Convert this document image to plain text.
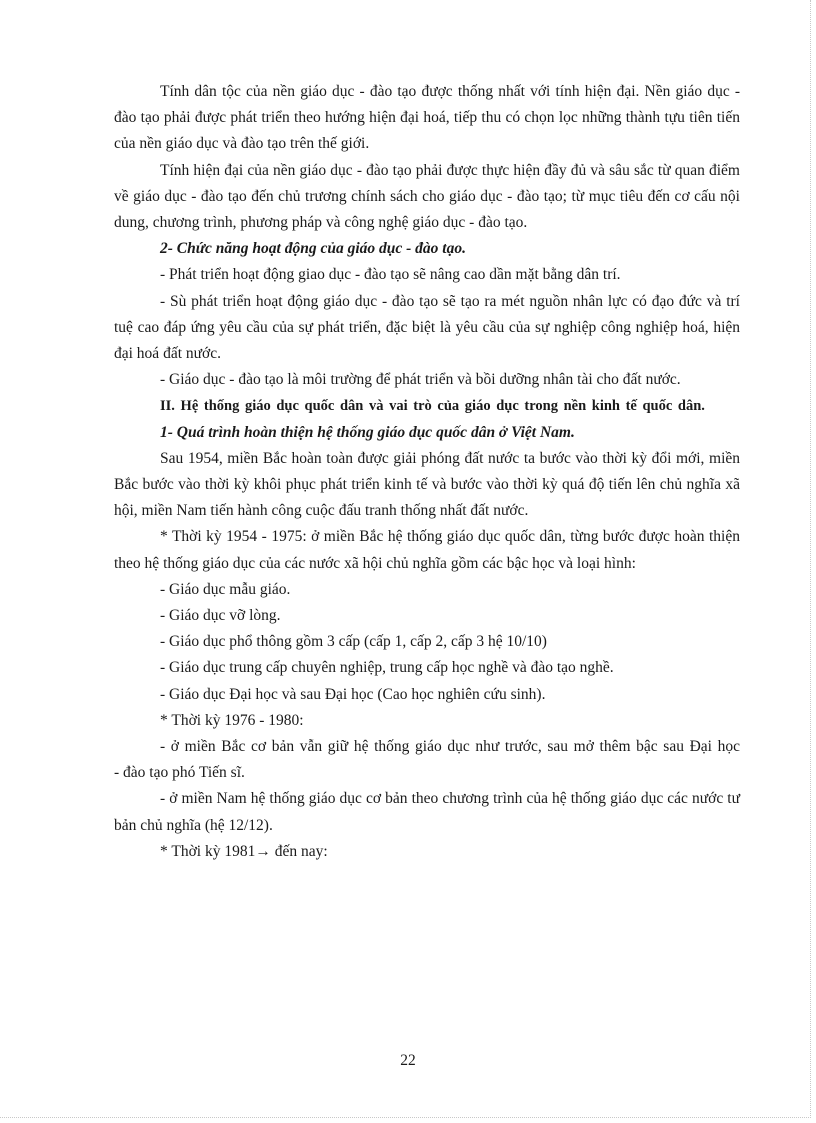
Tính dân tộc của nền giáo dục - đào tạo được thống nhất với tính hiện đại. Nền giáo dục - đào tạo phải được phát triển theo hướng hiện đại hoá, tiếp thu có chọn lọc những thành tựu tiên tiến của nền giáo dục và đào tạo trên thế giới.

Tính hiện đại của nền giáo dục - đào tạo phải được thực hiện đầy đủ và sâu sắc từ quan điểm về giáo dục - đào tạo đến chủ trương chính sách cho giáo dục - đào tạo; từ mục tiêu đến cơ cấu nội dung, chương trình, phương pháp và công nghệ giáo dục - đào tạo.

2- Chức năng hoạt động của giáo dục - đào tạo.

- Phát triển hoạt động giao dục - đào tạo sẽ nâng cao dần mặt bằng dân trí.

- Sù phát triển hoạt động giáo dục - đào tạo sẽ tạo ra mét nguồn nhân lực có đạo đức và trí tuệ cao đáp ứng yêu cầu của sự phát triển, đặc biệt là yêu cầu của sự nghiệp công nghiệp hoá, hiện đại hoá đất nước.

- Giáo dục - đào tạo là môi trường để phát triển và bồi dưỡng nhân tài cho đất nước.

II. Hệ thống giáo dục quốc dân và vai trò của giáo dục trong nền kinh tế quốc dân.

1- Quá trình hoàn thiện hệ thống giáo dục quốc dân ở Việt Nam.

Sau 1954, miền Bắc hoàn toàn được giải phóng đất nước ta bước vào thời kỳ đổi mới, miền Bắc bước vào thời kỳ khôi phục phát triển kinh tế và bước vào thời kỳ quá độ tiến lên chủ nghĩa xã hội, miền Nam tiến hành công cuộc đấu tranh thống nhất đất nước.

* Thời kỳ 1954 - 1975: ở miền Bắc hệ thống giáo dục quốc dân, từng bước được hoàn thiện theo hệ thống giáo dục của các nước xã hội chủ nghĩa gồm các bậc học và loại hình:

- Giáo dục mẫu giáo.

- Giáo dục vỡ lòng.

- Giáo dục phổ thông gồm 3 cấp (cấp 1, cấp 2, cấp 3 hệ 10/10)

- Giáo dục trung cấp chuyên nghiệp, trung cấp học nghề và đào tạo nghề.

- Giáo dục Đại học và sau Đại học (Cao học nghiên cứu sinh).

* Thời kỳ 1976 - 1980:

- ở miền Bắc cơ bản vẫn giữ hệ thống giáo dục như trước, sau mở thêm bậc sau Đại học          - đào tạo phó Tiến sĩ.

- ở miền Nam hệ thống giáo dục cơ bản theo chương trình của hệ thống giáo dục các nước tư bản chủ nghĩa (hệ 12/12).

* Thời kỳ 1981→ đến nay:

22
